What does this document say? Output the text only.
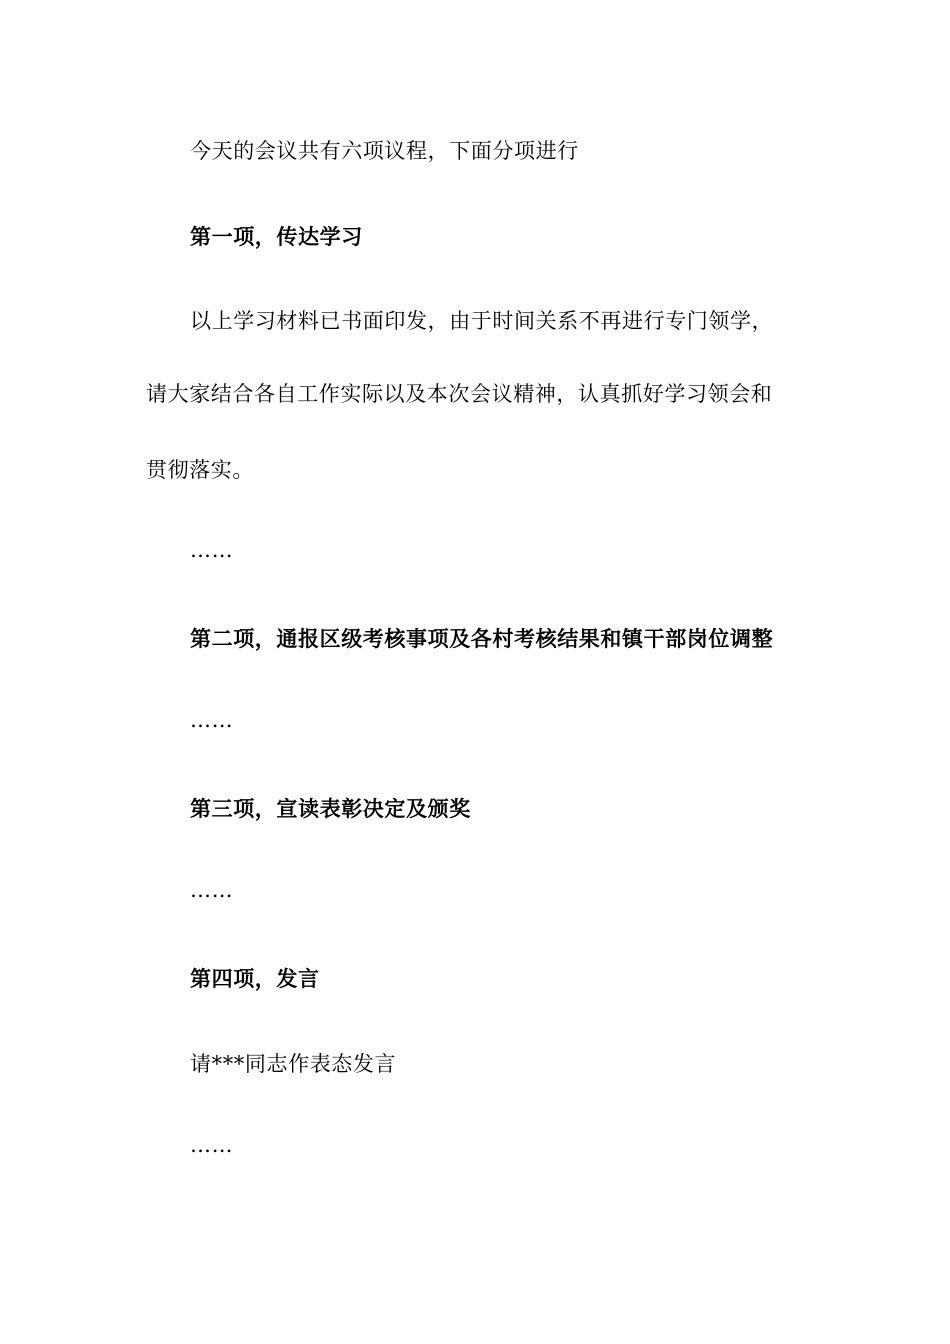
今天的会议共有六项议程，下面分项进行
第一项，传达学习
以上学习材料已书面印发，由于时间关系不再进行专门领学，
请大家结合各自工作实际以及本次会议精神，认真抓好学习领会和
贯彻落实。
……
第二项，通报区级考核事项及各村考核结果和镇干部岗位调整
……
第三项，宣读表彰决定及颁奖
……
第四项，发言
请***同志作表态发言
……
